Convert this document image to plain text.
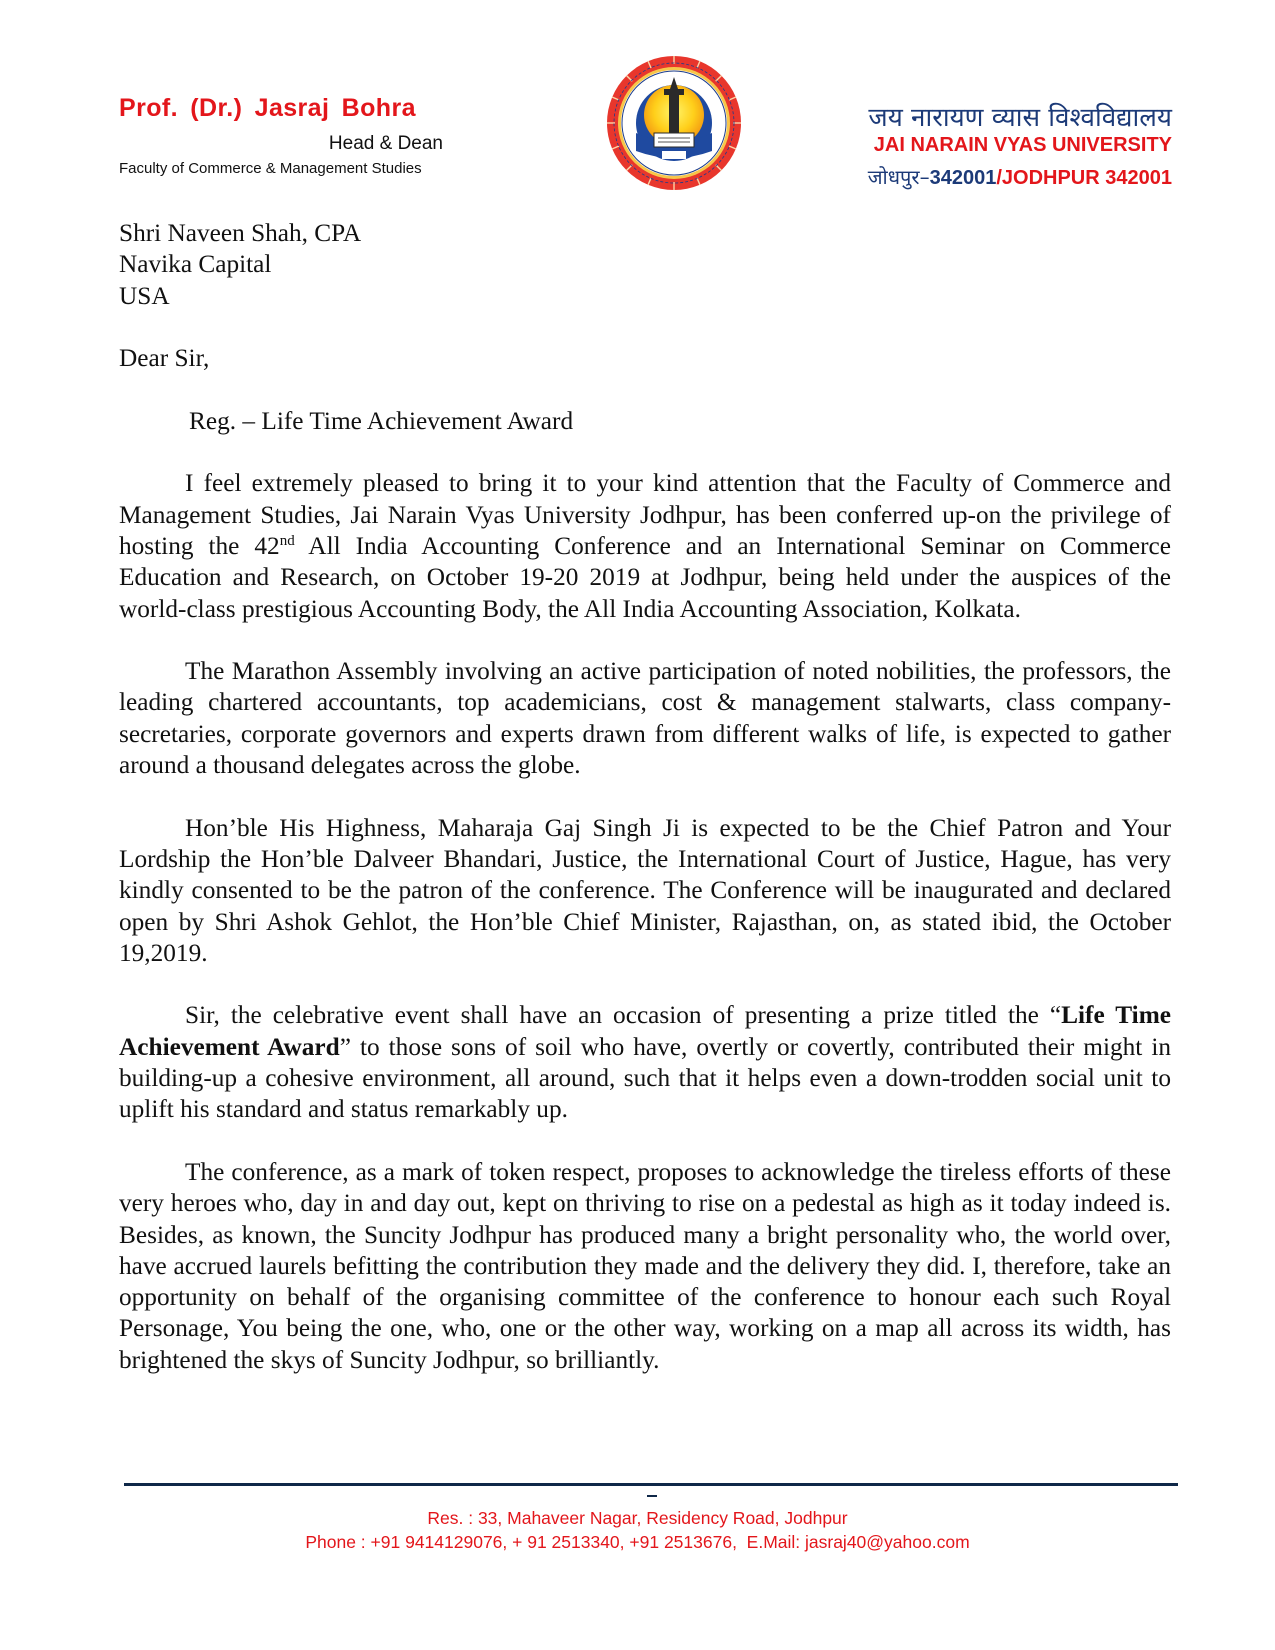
Prof. (Dr.) Jasraj Bohra
Head & Dean
Faculty of Commerce & Management Studies
जय नारायण व्यास विश्वविद्यालय
JAI NARAIN VYAS UNIVERSITY
जोधपुर–342001/JODHPUR 342001
Shri Naveen Shah, CPA
Navika Capital
USA

Dear Sir,

Reg. – Life Time Achievement Award

I feel extremely pleased to bring it to your kind attention that the Faculty of Commerce and Management Studies, Jai Narain Vyas University Jodhpur, has been conferred up-on the privilege of hosting the 42nd All India Accounting Conference and an International Seminar on Commerce Education and Research, on October 19-20 2019 at Jodhpur, being held under the auspices of the world-class prestigious Accounting Body, the All India Accounting Association, Kolkata.

The Marathon Assembly involving an active participation of noted nobilities, the professors, the leading chartered accountants, top academicians, cost & management stalwarts, class company-secretaries, corporate governors and experts drawn from different walks of life, is expected to gather around a thousand delegates across the globe.

Hon’ble His Highness, Maharaja Gaj Singh Ji is expected to be the Chief Patron and Your Lordship the Hon’ble Dalveer Bhandari, Justice, the International Court of Justice, Hague, has very kindly consented to be the patron of the conference. The Conference will be inaugurated and declared open by Shri Ashok Gehlot, the Hon’ble Chief Minister, Rajasthan, on, as stated ibid, the October 19,2019.

Sir, the celebrative event shall have an occasion of presenting a prize titled the “Life Time Achievement Award” to those sons of soil who have, overtly or covertly, contributed their might in building-up a cohesive environment, all around, such that it helps even a down-trodden social unit to uplift his standard and status remarkably up.

The conference, as a mark of token respect, proposes to acknowledge the tireless efforts of these very heroes who, day in and day out, kept on thriving to rise on a pedestal as high as it today indeed is. Besides, as known, the Suncity Jodhpur has produced many a bright personality who, the world over, have accrued laurels befitting the contribution they made and the delivery they did. I, therefore, take an opportunity on behalf of the organising committee of the conference to honour each such Royal Personage, You being the one, who, one or the other way, working on a map all across its width, has brightened the skys of Suncity Jodhpur, so brilliantly.

Res. : 33, Mahaveer Nagar, Residency Road, Jodhpur
Phone : +91 9414129076, + 91 2513340, +91 2513676,  E.Mail: jasraj40@yahoo.com
